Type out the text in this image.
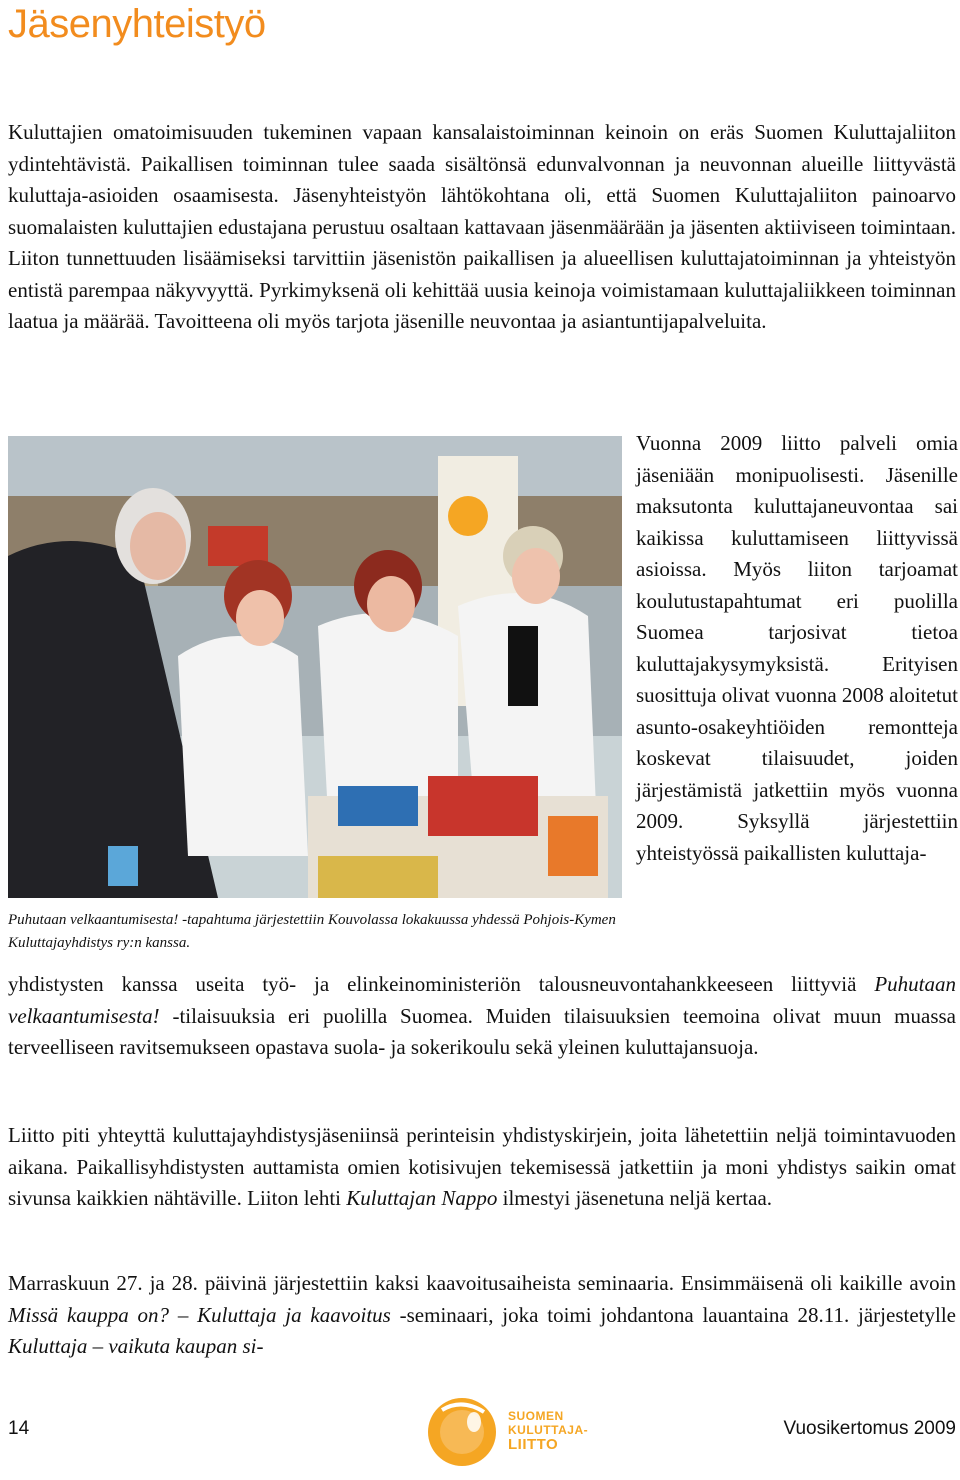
Jäsenyhteistyö

Kuluttajien omatoimisuuden tukeminen vapaan kansalaistoiminnan keinoin on eräs Suomen Kuluttajaliiton ydintehtävistä. Paikallisen toiminnan tulee saada sisältönsä edunvalvonnan ja neuvonnan alueille liittyvästä kuluttaja-asioiden osaamisesta. Jäsenyhteistyön lähtökohtana oli, että Suomen Kuluttajaliiton painoarvo suomalaisten kuluttajien edustajana perustuu osaltaan kattavaan jäsenmäärään ja jäsenten aktiiviseen toimintaan. Liiton tunnettuuden lisäämiseksi tarvittiin jäsenistön paikallisen ja alueellisen kuluttajatoiminnan ja yhteistyön entistä parempaa näkyvyyttä. Pyrkimyksenä oli kehittää uusia keinoja voimistamaan kuluttajaliikkeen toiminnan laatua ja määrää. Tavoitteena oli myös tarjota jäsenille neuvontaa ja asiantuntijapalveluita.

Vuonna 2009 liitto palveli omia jäseniään monipuolisesti. Jäsenille maksutonta kuluttajaneuvontaa sai kaikissa kuluttamiseen liittyvissä asioissa. Myös liiton tarjoamat koulutustapahtumat eri puolilla Suomea tarjosivat tietoa kuluttajakysymyksistä. Erityisen suosittuja olivat vuonna 2008 aloitetut asunto-osakeyhtiöiden remontteja koskevat tilaisuudet, joiden järjestämistä jatkettiin myös vuonna 2009. Syksyllä järjestettiin yhteistyössä paikallisten kuluttaja-

Puhutaan velkaantumisesta! -tapahtuma järjestettiin Kouvolassa lokakuussa yhdessä Pohjois-Kymen Kuluttajayhdistys ry:n kanssa.

yhdistysten kanssa useita työ- ja elinkeinoministeriön talousneuvontahankkeeseen liittyviä Puhutaan velkaantumisesta! -tilaisuuksia eri puolilla Suomea. Muiden tilaisuuksien teemoina olivat muun muassa terveelliseen ravitsemukseen opastava suola- ja sokerikoulu sekä yleinen kuluttajansuoja.

Liitto piti yhteyttä kuluttajayhdistysjäseniinsä perinteisin yhdistyskirjein, joita lähetettiin neljä toimintavuoden aikana. Paikallisyhdistysten auttamista omien kotisivujen tekemisessä jatkettiin ja moni yhdistys saikin omat sivunsa kaikkien nähtäville. Liiton lehti Kuluttajan Nappo ilmestyi jäsenetuna neljä kertaa.

Marraskuun 27. ja 28. päivinä järjestettiin kaksi kaavoitusaiheista seminaaria. Ensimmäisenä oli kaikille avoin Missä kauppa on? – Kuluttaja ja kaavoitus -seminaari, joka toimi johdantona lauantaina 28.11. järjestetylle Kuluttaja – vaikuta kaupan si-

14
SUOMEN
KULUTTAJA-
LIITTO
Vuosikertomus 2009
